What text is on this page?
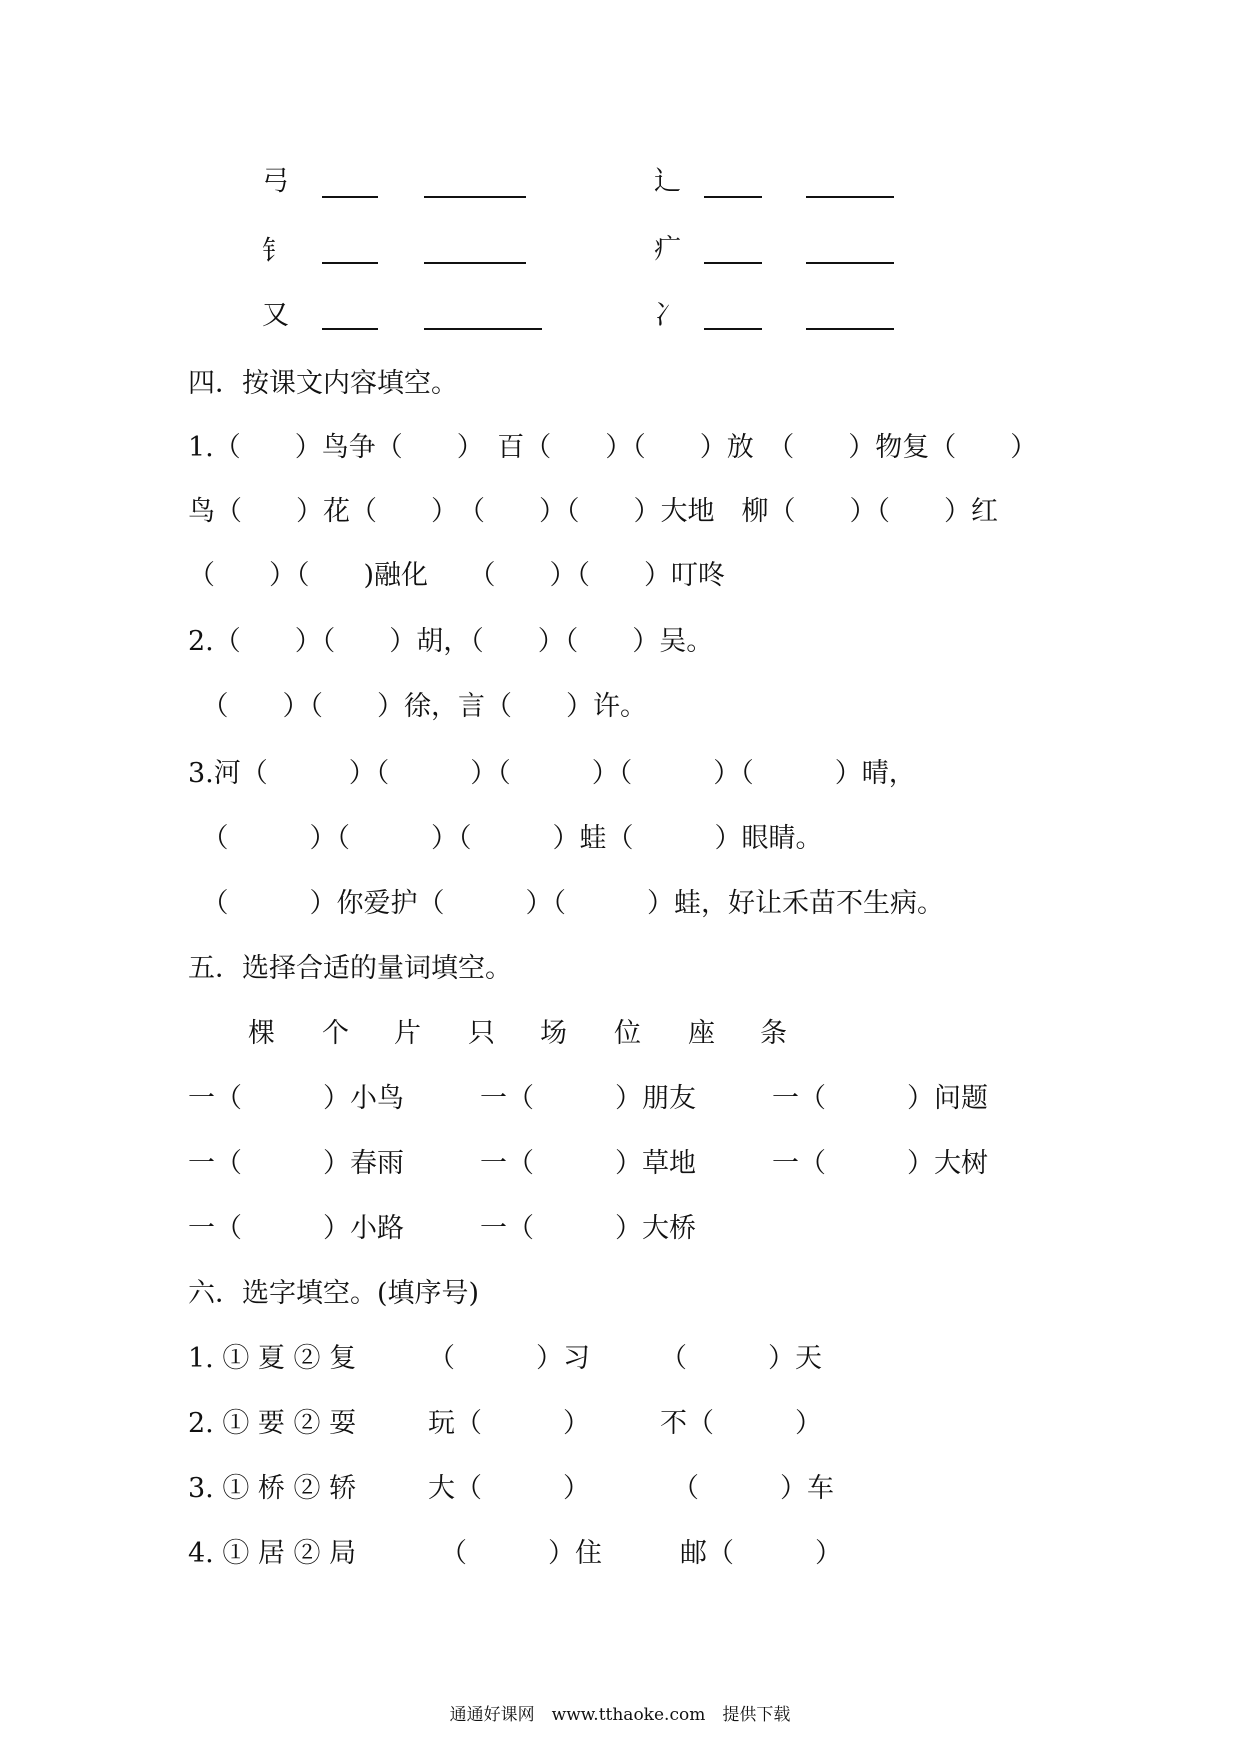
弓	辶
钅	疒
又	冫
四．按课文内容填空。
1.（　　）鸟争（　　）　百（　　）（　　）放　（　　）物复（　　）
鸟（　　）花（　　）　（　　）（　　）大地　柳（　　）（　　）红
（　　）（　　)融化　　（　　）（　　）叮咚
2.（　　）（　　）胡，（　　）（　　）吴。
　（　　）（　　）徐，言（　　）许。
3.河（　　　）（　　　）（　　　）（　　　）（　　　）晴，
　（　　　）（　　　）（　　　）蛙（　　　）眼睛。
　（　　　）你爱护（　　　）（　　　）蛙，好让禾苗不生病。
五．选择合适的量词填空。
棵 个 片 只 场 位 座 条
一（　　　）小鸟	一（　　　）朋友	一（　　　）问题
一（　　　）春雨	一（　　　）草地	一（　　　）大树
一（　　　）小路	一（　　　）大桥
六．选字填空。(填序号)
1. ① 夏 ② 复	（　　　）习	（　　　）天
2. ① 要 ② 耍	玩（　　　）	不（　　　）
3. ① 桥 ② 轿	大（　　　）	（　　　）车
4. ① 居 ② 局	（　　　）住	邮（　　　）
通通好课网　www.tthaoke.com　提供下载
